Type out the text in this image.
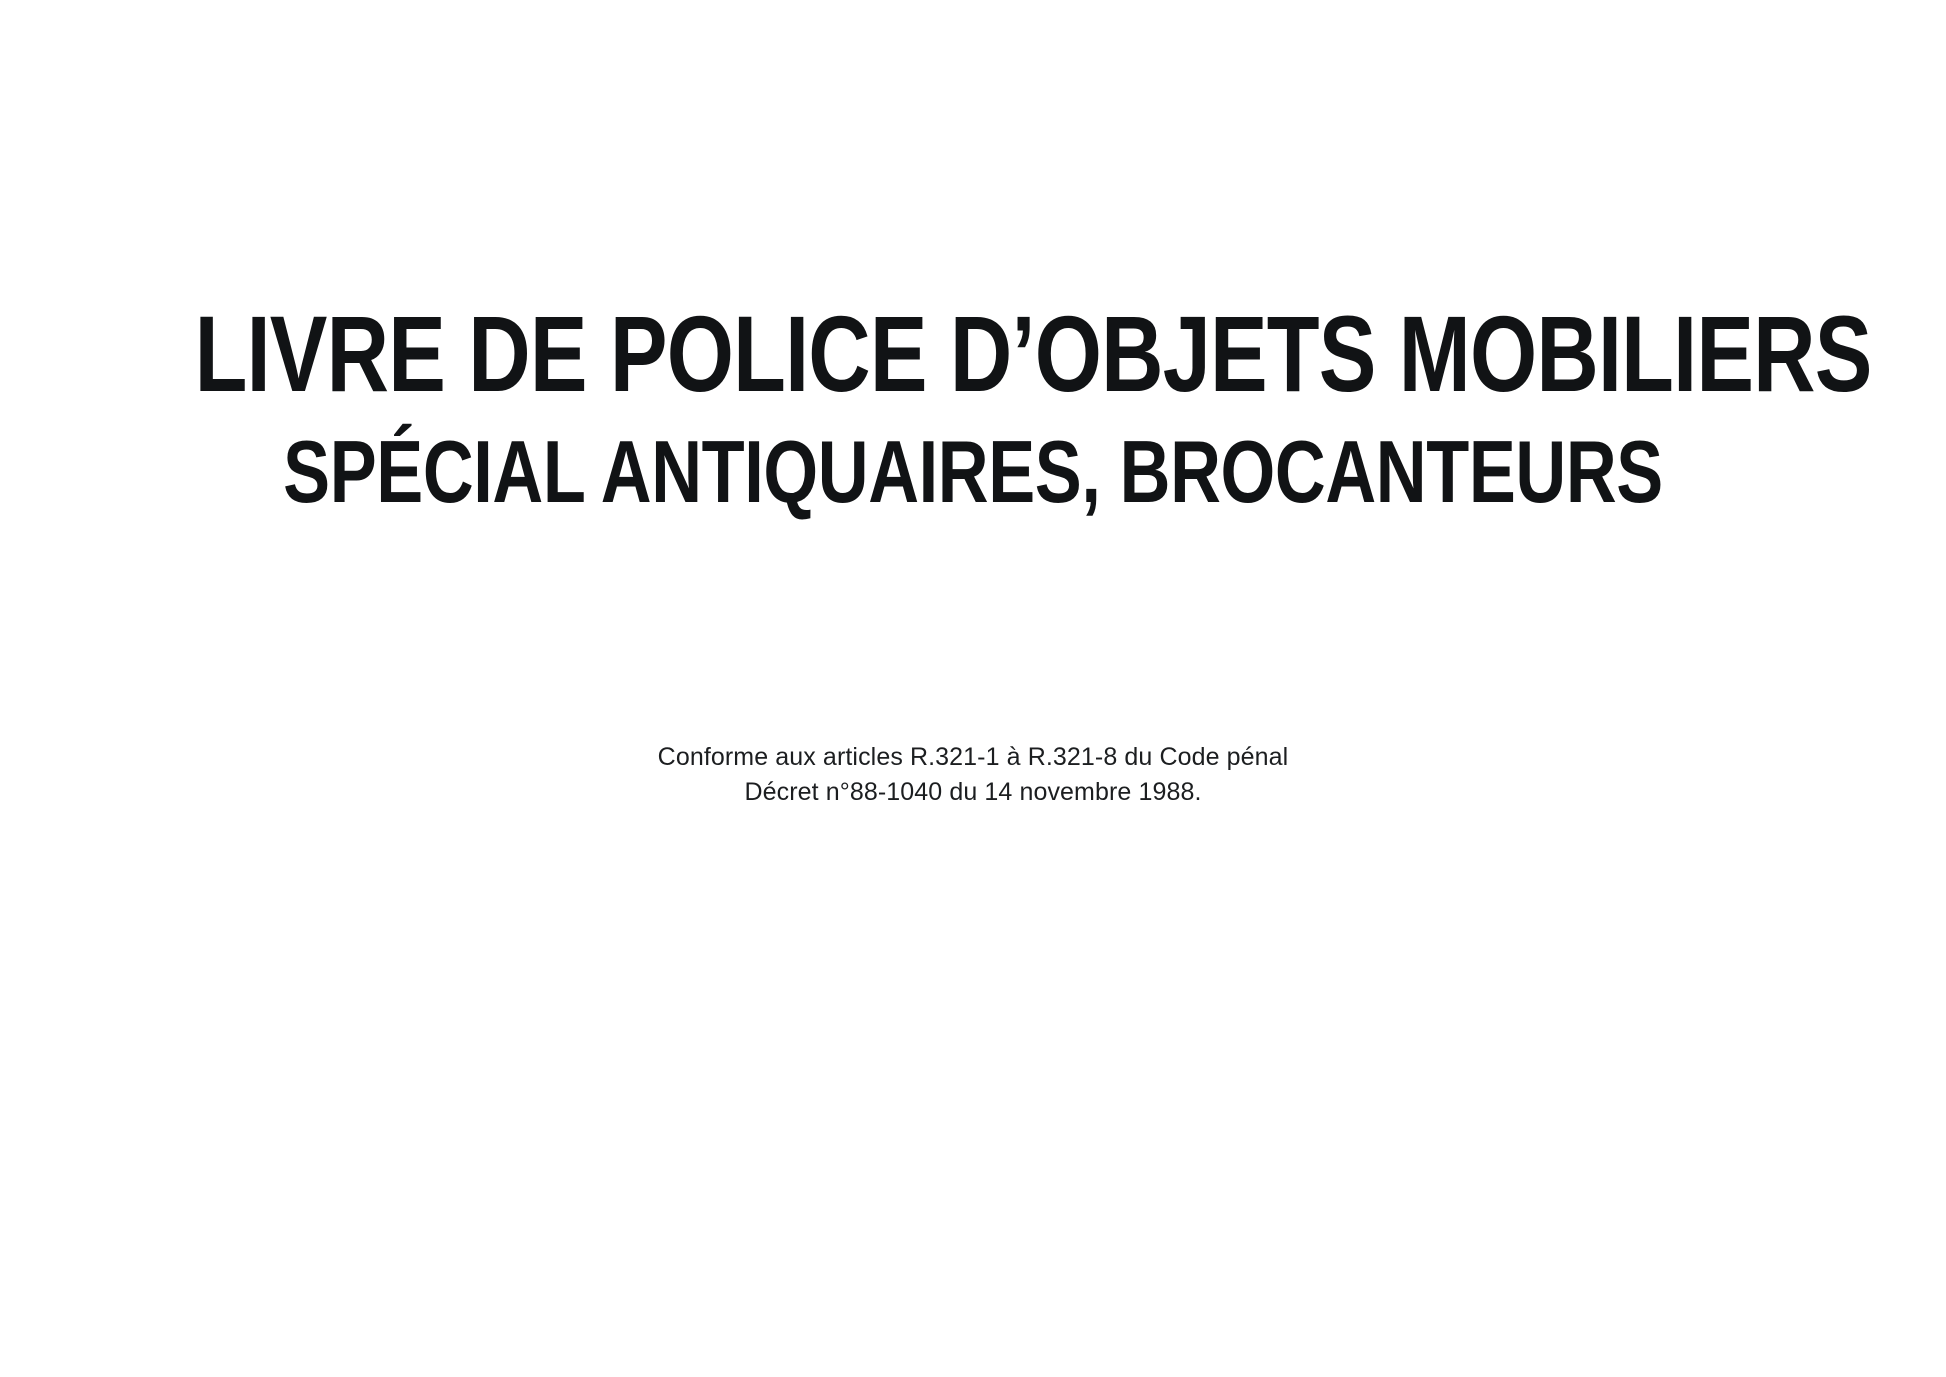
LIVRE DE POLICE D’OBJETS MOBILIERS
SPÉCIAL ANTIQUAIRES, BROCANTEURS
Conforme aux articles R.321-1 à R.321-8 du Code pénal
Décret n°88-1040 du 14 novembre 1988.
